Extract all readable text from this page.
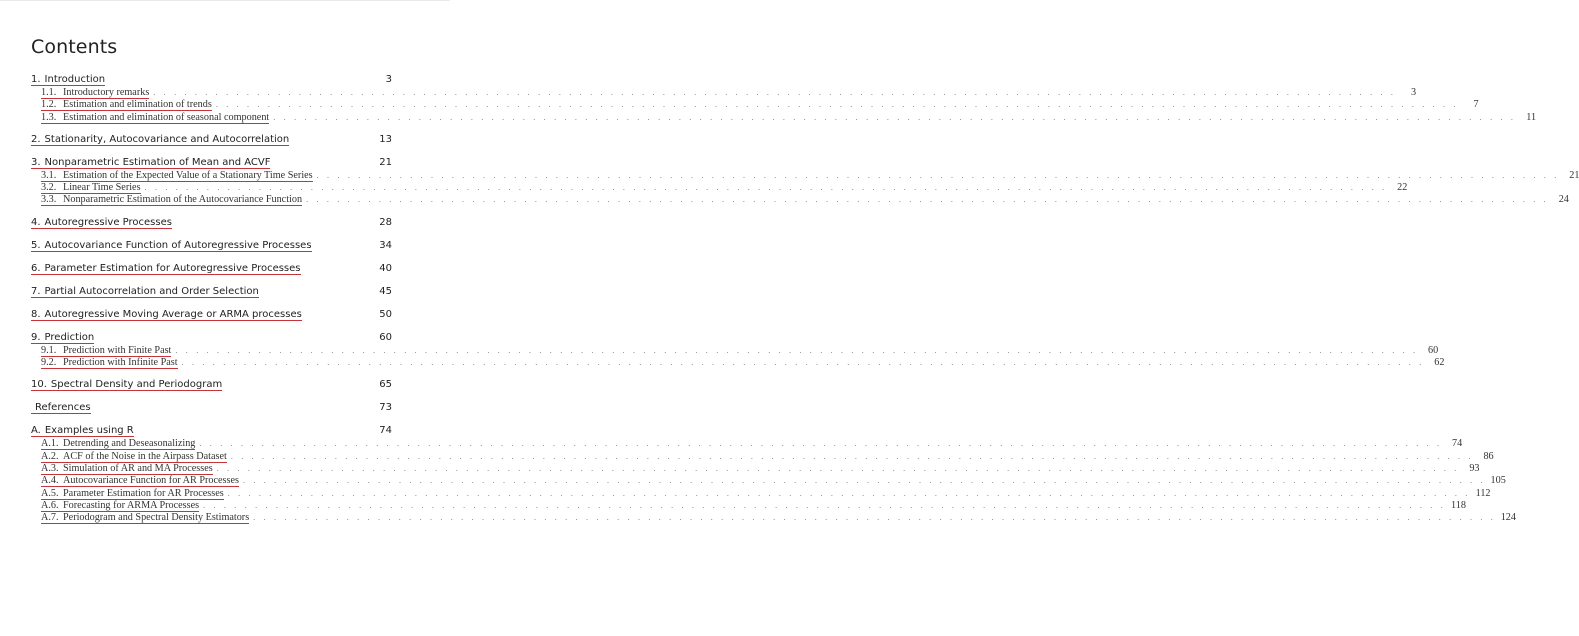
Contents
1. Introduction	3
1.1. Introductory remarks . . . . . . . . . . . . . . . . . . . . . . . . . . . . . . . . . . . . . . . . . . . . . . . . . . . . . . . . . . . . . . . . . . . . . . . . . . . . . . . . . . . . . . . . . . . . . . . . . . . . . . . . . . . . . . . . . . . . . . . .	3
1.2. Estimation and elimination of trends . . . . . . . . . . . . . . . . . . . . . . . . . . . . . . . . . . . . . . . . . . . . . . . . . . . . . . . . . . . . . . . . . . . . . . . . . . . . . . . . . . . . . . . . . . . . . . . . . . . . . . . . . . . . . . . . . . . . . . . .	7
1.3. Estimation and elimination of seasonal component . . . . . . . . . . . . . . . . . . . . . . . . . . . . . . . . . . . . . . . . . . . . . . . . . . . . . . . . . . . . . . . . . . . . . . . . . . . . . . . . . . . . . . . . . . . . . . . . . . . . . . . . . . . . . . . . . . . . . . . . 11
2. Stationarity, Autocovariance and Autocorrelation	13
3. Nonparametric Estimation of Mean and ACVF	21
3.1. Estimation of the Expected Value of a Stationary Time Series . . . . . . . . . . . . . . . . . . . . . . . . . . . . . . . . . . . . . . . . . . . . . . . . . . . . . . . . . . . . . . . . . . . . . . . . . . . . . . . . . . . . . . . . . . . . . . . . . . . . . . . . . . . . . . . . . . . . . . . . 21
3.2. Linear Time Series . . . . . . . . . . . . . . . . . . . . . . . . . . . . . . . . . . . . . . . . . . . . . . . . . . . . . . . . . . . . . . . . . . . . . . . . . . . . . . . . . . . . . . . . . . . . . . . . . . . . . . . . . . . . . . . . . . . . . . . . 22
3.3. Nonparametric Estimation of the Autocovariance Function . . . . . . . . . . . . . . . . . . . . . . . . . . . . . . . . . . . . . . . . . . . . . . . . . . . . . . . . . . . . . . . . . . . . . . . . . . . . . . . . . . . . . . . . . . . . . . . . . . . . . . . . . . . . . . . . . . . . . . . . 24
4. Autoregressive Processes	28
5. Autocovariance Function of Autoregressive Processes	34
6. Parameter Estimation for Autoregressive Processes	40
7. Partial Autocorrelation and Order Selection	45
8. Autoregressive Moving Average or ARMA processes	50
9. Prediction	60
9.1. Prediction with Finite Past . . . . . . . . . . . . . . . . . . . . . . . . . . . . . . . . . . . . . . . . . . . . . . . . . . . . . . . . . . . . . . . . . . . . . . . . . . . . . . . . . . . . . . . . . . . . . . . . . . . . . . . . . . . . . . . . . . . . . . . . 60
9.2. Prediction with Infinite Past . . . . . . . . . . . . . . . . . . . . . . . . . . . . . . . . . . . . . . . . . . . . . . . . . . . . . . . . . . . . . . . . . . . . . . . . . . . . . . . . . . . . . . . . . . . . . . . . . . . . . . . . . . . . . . . . . . . . . . . . 62
10. Spectral Density and Periodogram	65
References	73
A. Examples using R	74
A.1. Detrending and Deseasonalizing . . . . . . . . . . . . . . . . . . . . . . . . . . . . . . . . . . . . . . . . . . . . . . . . . . . . . . . . . . . . . . . . . . . . . . . . . . . . . . . . . . . . . . . . . . . . . . . . . . . . . . . . . . . . . . . . . . . . . . . . 74
A.2. ACF of the Noise in the Airpass Dataset . . . . . . . . . . . . . . . . . . . . . . . . . . . . . . . . . . . . . . . . . . . . . . . . . . . . . . . . . . . . . . . . . . . . . . . . . . . . . . . . . . . . . . . . . . . . . . . . . . . . . . . . . . . . . . . . . . . . . . . . 86
A.3. Simulation of AR and MA Processes . . . . . . . . . . . . . . . . . . . . . . . . . . . . . . . . . . . . . . . . . . . . . . . . . . . . . . . . . . . . . . . . . . . . . . . . . . . . . . . . . . . . . . . . . . . . . . . . . . . . . . . . . . . . . . . . . . . . . . . . 93
A.4. Autocovariance Function for AR Processes . . . . . . . . . . . . . . . . . . . . . . . . . . . . . . . . . . . . . . . . . . . . . . . . . . . . . . . . . . . . . . . . . . . . . . . . . . . . . . . . . . . . . . . . . . . . . . . . . . . . . . . . . . . . . . . . . . . . . . . . 105
A.5. Parameter Estimation for AR Processes . . . . . . . . . . . . . . . . . . . . . . . . . . . . . . . . . . . . . . . . . . . . . . . . . . . . . . . . . . . . . . . . . . . . . . . . . . . . . . . . . . . . . . . . . . . . . . . . . . . . . . . . . . . . . . . . . . . . . . . . 112
A.6. Forecasting for ARMA Processes . . . . . . . . . . . . . . . . . . . . . . . . . . . . . . . . . . . . . . . . . . . . . . . . . . . . . . . . . . . . . . . . . . . . . . . . . . . . . . . . . . . . . . . . . . . . . . . . . . . . . . . . . . . . . . . . . . . . . . . . 118
A.7. Periodogram and Spectral Density Estimators . . . . . . . . . . . . . . . . . . . . . . . . . . . . . . . . . . . . . . . . . . . . . . . . . . . . . . . . . . . . . . . . . . . . . . . . . . . . . . . . . . . . . . . . . . . . . . . . . . . . . . . . . . . . . . . . . . . . . . . . 124
